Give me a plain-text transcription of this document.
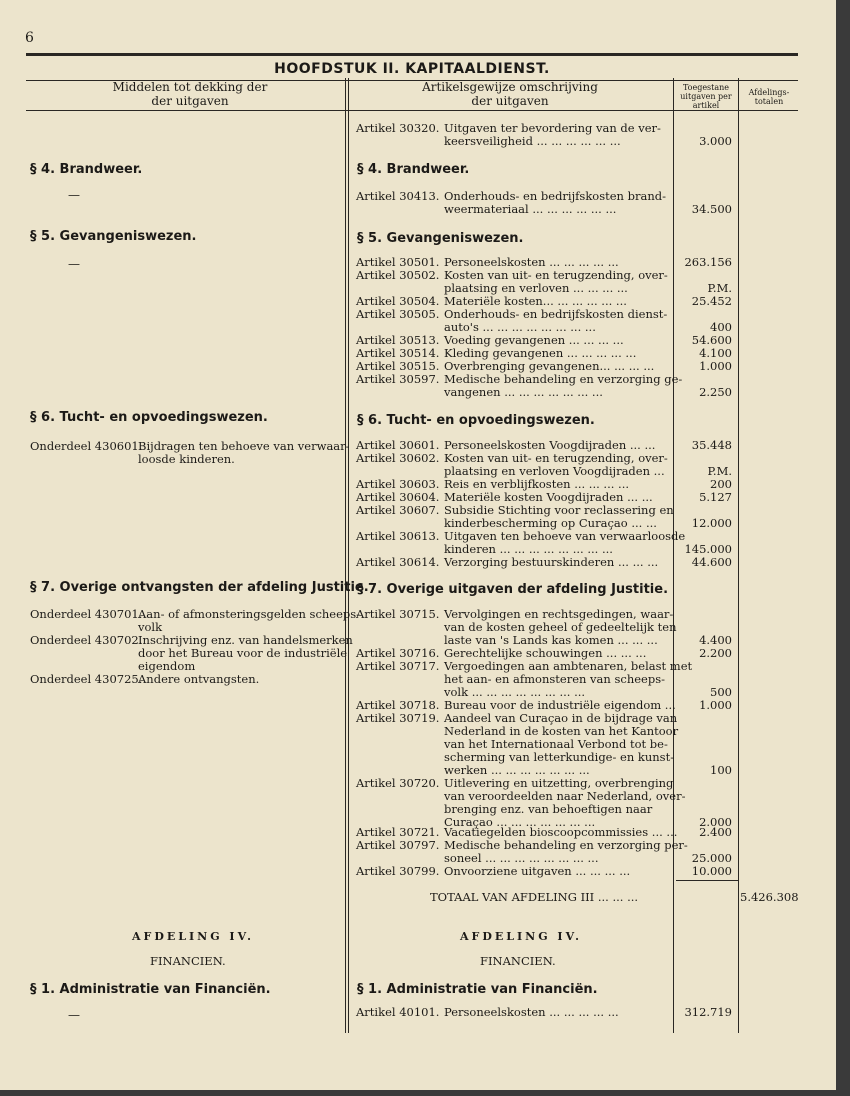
6
HOOFDSTUK II. KAPITAALDIENST.
Middelen tot dekking der
der uitgaven
Artikelsgewijze omschrijving
der uitgaven
Toegestane
uitgaven per
artikel
Afdelings-
totalen
§ 4. Brandweer.	§ 4. Brandweer.
—
§ 5. Gevangeniswezen.	§ 5. Gevangeniswezen.
—
§ 6. Tucht- en opvoedingswezen.	§ 6. Tucht- en opvoedingswezen.
§ 7. Overige ontvangsten der afdeling Justitie.
§ 7. Overige uitgaven der afdeling Justitie.
Onderdeel 430601.
Bijdragen ten behoeve van verwaar-
loosde kinderen.
Onderdeel 430701.
Aan- of afmonsteringsgelden scheeps-
volk
Onderdeel 430702.
Inschrijving enz. van handelsmerken
door het Bureau voor de industriële
eigendom
Onderdeel 430725.
Andere ontvangsten.
Artikel 30320. Uitgaven ter bevordering van de ver-
keersveiligheid ... ... ... ... ... ...	3.000
Artikel 30413. Onderhouds- en bedrijfskosten brand-
weermateriaal ... ... ... ... ... ...	34.500
Artikel 30501. Personeelskosten ... ... ... ... ...	263.156
Artikel 30502. Kosten van uit- en terugzending, over-
plaatsing en verloven ... ... ... ...	P.M.
Artikel 30504. Materiële kosten... ... ... ... ... ...	25.452
Artikel 30505. Onderhouds- en bedrijfskosten dienst-
auto's ... ... ... ... ... ... ... ...	400
Artikel 30513. Voeding gevangenen ... ... ... ...	54.600
Artikel 30514. Kleding gevangenen ... ... ... ... ...	4.100
Artikel 30515. Overbrenging gevangenen... ... ... ...	1.000
Artikel 30597. Medische behandeling en verzorging ge-
vangenen ... ... ... ... ... ... ...	2.250
Artikel 30601. Personeelskosten Voogdijraden ... ...	35.448
Artikel 30602. Kosten van uit- en terugzending, over-
plaatsing en verloven Voogdijraden ...	P.M.
Artikel 30603. Reis en verblijfkosten ... ... ... ...	200
Artikel 30604. Materiële kosten Voogdijraden ... ...	5.127
Artikel 30607. Subsidie Stichting voor reclassering en
kinderbescherming op Curaçao ... ...	12.000
Artikel 30613. Uitgaven ten behoeve van verwaarloosde
kinderen ... ... ... ... ... ... ... ...	145.000
Artikel 30614. Verzorging bestuurskinderen ... ... ...	44.600
Artikel 30715. Vervolgingen en rechtsgedingen, waar-
van de kosten geheel of gedeeltelijk ten
laste van 's Lands kas komen ... ... ...	4.400
Artikel 30716. Gerechtelijke schouwingen ... ... ...	2.200
Artikel 30717. Vergoedingen aan ambtenaren, belast met
het aan- en afmonsteren van scheeps-
volk ... ... ... ... ... ... ... ...	500
Artikel 30718. Bureau voor de industriële eigendom ...	1.000
Artikel 30719. Aandeel van Curaçao in de bijdrage van
Nederland in de kosten van het Kantoor
van het Internationaal Verbond tot be-
scherming van letterkundige- en kunst-
werken ... ... ... ... ... ... ...	100
Artikel 30720. Uitlevering en uitzetting, overbrenging
van veroordeelden naar Nederland, over-
brenging enz. van behoeftigen naar
Curaçao ... ... ... ... ... ... ...	2.000
Artikel 30721. Vacatiegelden bioscoopcommissies ... ...	2.400
Artikel 30797. Medische behandeling en verzorging per-
soneel ... ... ... ... ... ... ... ...	25.000
Artikel 30799. Onvoorziene uitgaven ... ... ... ...	10.000
Artikel 40101. Personeelskosten ... ... ... ... ...	312.719
TOTAAL VAN AFDELING III ... ... ...	5.426.308
AFDELING IV.	AFDELING IV.
FINANCIEN.	FINANCIEN.
§ 1. Administratie van Financiën.	§ 1. Administratie van Financiën.
—
